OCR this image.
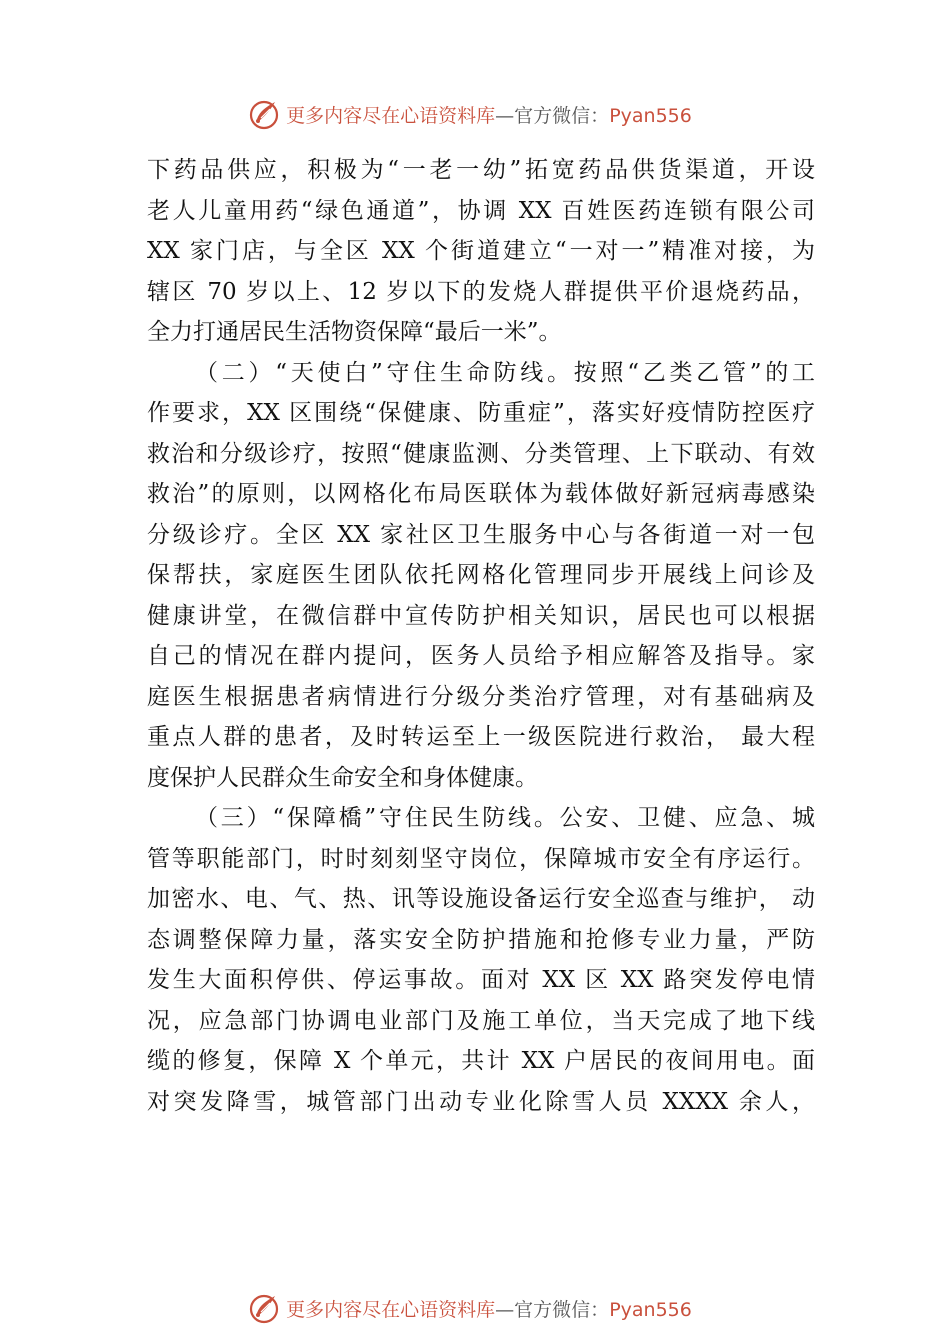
更多内容尽在心语资料库—官方微信：Pyan556
下药品供应，积极为“一老一幼”拓宽药品供货渠道，开设
老人儿童用药“绿色通道”，协调 XX 百姓医药连锁有限公司
XX 家门店，与全区 XX 个街道建立“一对一”精准对接，为
辖区 70 岁以上、12 岁以下的发烧人群提供平价退烧药品，
全力打通居民生活物资保障“最后一米”。
（二）“天使白”守住生命防线。按照“乙类乙管”的工
作要求，XX 区围绕“保健康、防重症”，落实好疫情防控医疗
救治和分级诊疗，按照“健康监测、分类管理、上下联动、有效
救治”的原则，以网格化布局医联体为载体做好新冠病毒感染
分级诊疗。全区 XX 家社区卫生服务中心与各街道一对一包
保帮扶，家庭医生团队依托网格化管理同步开展线上问诊及
健康讲堂，在微信群中宣传防护相关知识，居民也可以根据
自己的情况在群内提问，医务人员给予相应解答及指导。家
庭医生根据患者病情进行分级分类治疗管理，对有基础病及
重点人群的患者，及时转运至上一级医院进行救治， 最大程
度保护人民群众生命安全和身体健康。
（三）“保障橋”守住民生防线。公安、卫健、应急、城
管等职能部门，时时刻刻坚守岗位，保障城市安全有序运行。
加密水、电、气、热、讯等设施设备运行安全巡查与维护， 动
态调整保障力量，落实安全防护措施和抢修专业力量，严防
发生大面积停供、停运事故。面对 XX 区 XX 路突发停电情
况，应急部门协调电业部门及施工单位，当天完成了地下线
缆的修复，保障 X 个单元，共计 XX 户居民的夜间用电。面
对突发降雪，城管部门出动专业化除雪人员 XXXX 余人，
更多内容尽在心语资料库—官方微信：Pyan556
